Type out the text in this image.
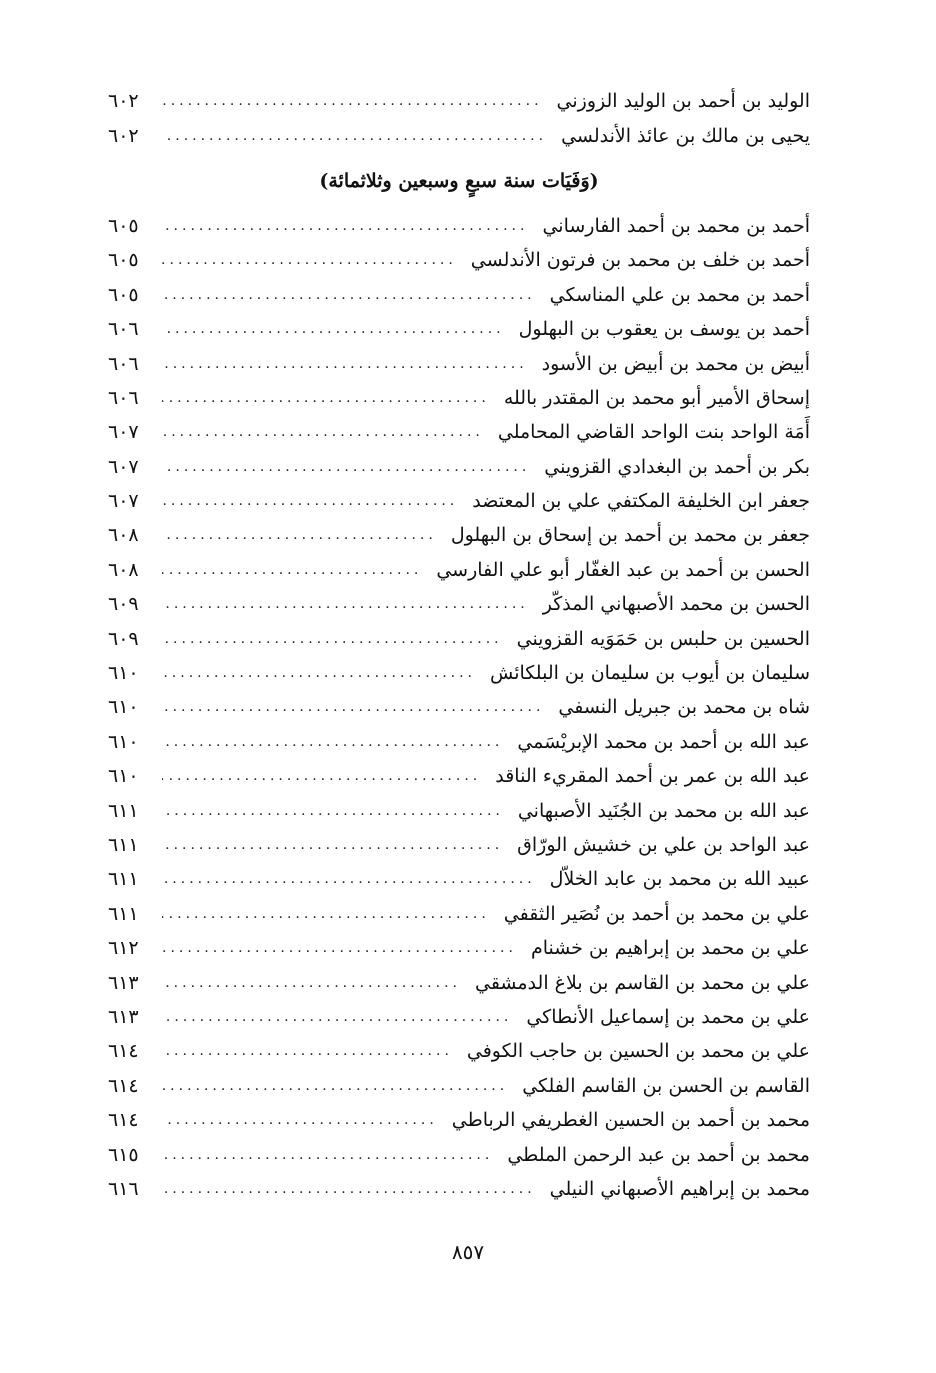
الوليد بن أحمد بن الوليد الزوزني
.....
٦٠٢
يحيى بن مالك بن عائذ الأندلسي
.....
٦٠٢
(وَفَيَات سنة سبعٍ وسبعين وثلاثمائة)
أحمد بن محمد بن أحمد الفارساني
.....
٦٠٥
أحمد بن خلف بن محمد بن فرتون الأندلسي
.....
٦٠٥
أحمد بن محمد بن علي المناسكي
.....
٦٠٥
أحمد بن يوسف بن يعقوب بن البهلول
.....
٦٠٦
أبيض بن محمد بن أبيض بن الأسود
.....
٦٠٦
إسحاق الأمير أبو محمد بن المقتدر بالله
.....
٦٠٦
أَمَة الواحد بنت الواحد القاضي المحاملي
.....
٦٠٧
بكر بن أحمد بن البغدادي القزويني
.....
٦٠٧
جعفر ابن الخليفة المكتفي علي بن المعتضد
.....
٦٠٧
جعفر بن محمد بن أحمد بن إسحاق بن البهلول
.....
٦٠٨
الحسن بن أحمد بن عبد الغفّار أبو علي الفارسي
.....
٦٠٨
الحسن بن محمد الأصبهاني المذكّر
.....
٦٠٩
الحسين بن حلبس بن حَمَوَيه القزويني
.....
٦٠٩
سليمان بن أيوب بن سليمان بن البلكائش
.....
٦١٠
شاه بن محمد بن جبريل النسفي
.....
٦١٠
عبد الله بن أحمد بن محمد الإبريْسَمي
.....
٦١٠
عبد الله بن عمر بن أحمد المقريء الناقد
.....
٦١٠
عبد الله بن محمد بن الجُنَيد الأصبهاني
.....
٦١١
عبد الواحد بن علي بن خشيش الورّاق
.....
٦١١
عبيد الله بن محمد بن عابد الخلاّل
.....
٦١١
علي بن محمد بن أحمد بن نُصَير الثقفي
.....
٦١١
علي بن محمد بن إبراهيم بن خشنام
.....
٦١٢
علي بن محمد بن القاسم بن بلاغ الدمشقي
.....
٦١٣
علي بن محمد بن إسماعيل الأنطاكي
.....
٦١٣
علي بن محمد بن الحسين بن حاجب الكوفي
.....
٦١٤
القاسم بن الحسن بن القاسم الفلكي
.....
٦١٤
محمد بن أحمد بن الحسين الغطريفي الرباطي
.....
٦١٤
محمد بن أحمد بن عبد الرحمن الملطي
.....
٦١٥
محمد بن إبراهيم الأصبهاني النيلي
.....
٦١٦
٨٥٧
